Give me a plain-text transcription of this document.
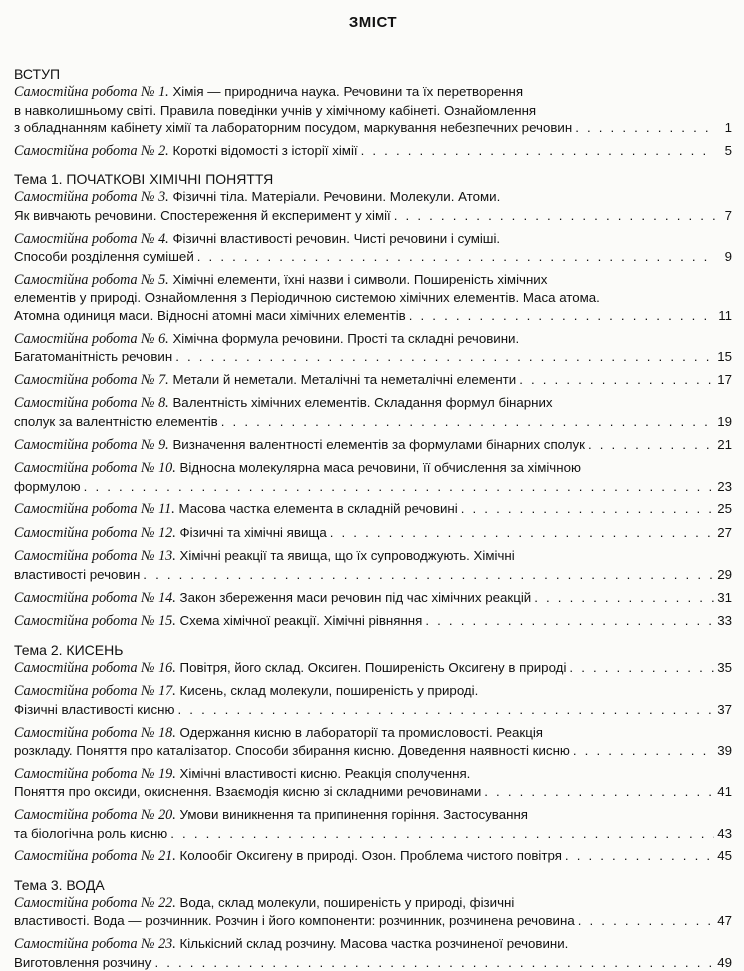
ЗМІСТ
ВСТУП
Самостійна робота № 1. Хімія — природнича наука. Речовини та їх перетворення
в навколишньому світі. Правила поведінки учнів у хімічному кабінеті. Ознайомлення
з обладнанням кабінету хімії та лабораторним посудом, маркування небезпечних речовин . . .	1
Самостійна робота № 2. Короткі відомості з історії хімії . . .	5
Тема 1. ПОЧАТКОВІ ХІМІЧНІ ПОНЯТТЯ
Самостійна робота № 3. Фізичні тіла. Матеріали. Речовини. Молекули. Атоми.
Як вивчають речовини. Спостереження й експеримент у хімії . . .	7
Самостійна робота № 4. Фізичні властивості речовин. Чисті речовини і суміші.
Способи розділення сумішей . . .	9
Самостійна робота № 5. Хімічні елементи, їхні назви і символи. Поширеність хімічних
елементів у природі. Ознайомлення з Періодичною системою хімічних елементів. Маса атома.
Атомна одиниця маси. Відносні атомні маси хімічних елементів . . .	11
Самостійна робота № 6. Хімічна формула речовини. Прості та складні речовини.
Багатоманітність речовин . . .	15
Самостійна робота № 7. Метали й неметали. Металічні та неметалічні елементи . . .	17
Самостійна робота № 8. Валентність хімічних елементів. Складання формул бінарних
сполук за валентністю елементів . . .	19
Самостійна робота № 9. Визначення валентності елементів за формулами бінарних сполук . . .	21
Самостійна робота № 10. Відносна молекулярна маса речовини, її обчислення за хімічною
формулою . . .	23
Самостійна робота № 11. Масова частка елемента в складній речовині . . .	25
Самостійна робота № 12. Фізичні та хімічні явища . . .	27
Самостійна робота № 13. Хімічні реакції та явища, що їх супроводжують. Хімічні
властивості речовин . . .	29
Самостійна робота № 14. Закон збереження маси речовин під час хімічних реакцій . . .	31
Самостійна робота № 15. Схема хімічної реакції. Хімічні рівняння . . .	33
Тема 2. КИСЕНЬ
Самостійна робота № 16. Повітря, його склад. Оксиген. Поширеність Оксигену в природі . . .	35
Самостійна робота № 17. Кисень, склад молекули, поширеність у природі.
Фізичні властивості кисню . . .	37
Самостійна робота № 18. Одержання кисню в лабораторії та промисловості. Реакція
розкладу. Поняття про каталізатор. Способи збирання кисню. Доведення наявності кисню . . .	39
Самостійна робота № 19. Хімічні властивості кисню. Реакція сполучення.
Поняття про оксиди, окиснення. Взаємодія кисню зі складними речовинами . . .	41
Самостійна робота № 20. Умови виникнення та припинення горіння. Застосування
та біологічна роль кисню . . .	43
Самостійна робота № 21. Колообіг Оксигену в природі. Озон. Проблема чистого повітря . . .	45
Тема 3. ВОДА
Самостійна робота № 22. Вода, склад молекули, поширеність у природі, фізичні
властивості. Вода — розчинник. Розчин і його компоненти: розчинник, розчинена речовина . . .	47
Самостійна робота № 23. Кількісний склад розчину. Масова частка розчиненої речовини.
Виготовлення розчину . . .	49
